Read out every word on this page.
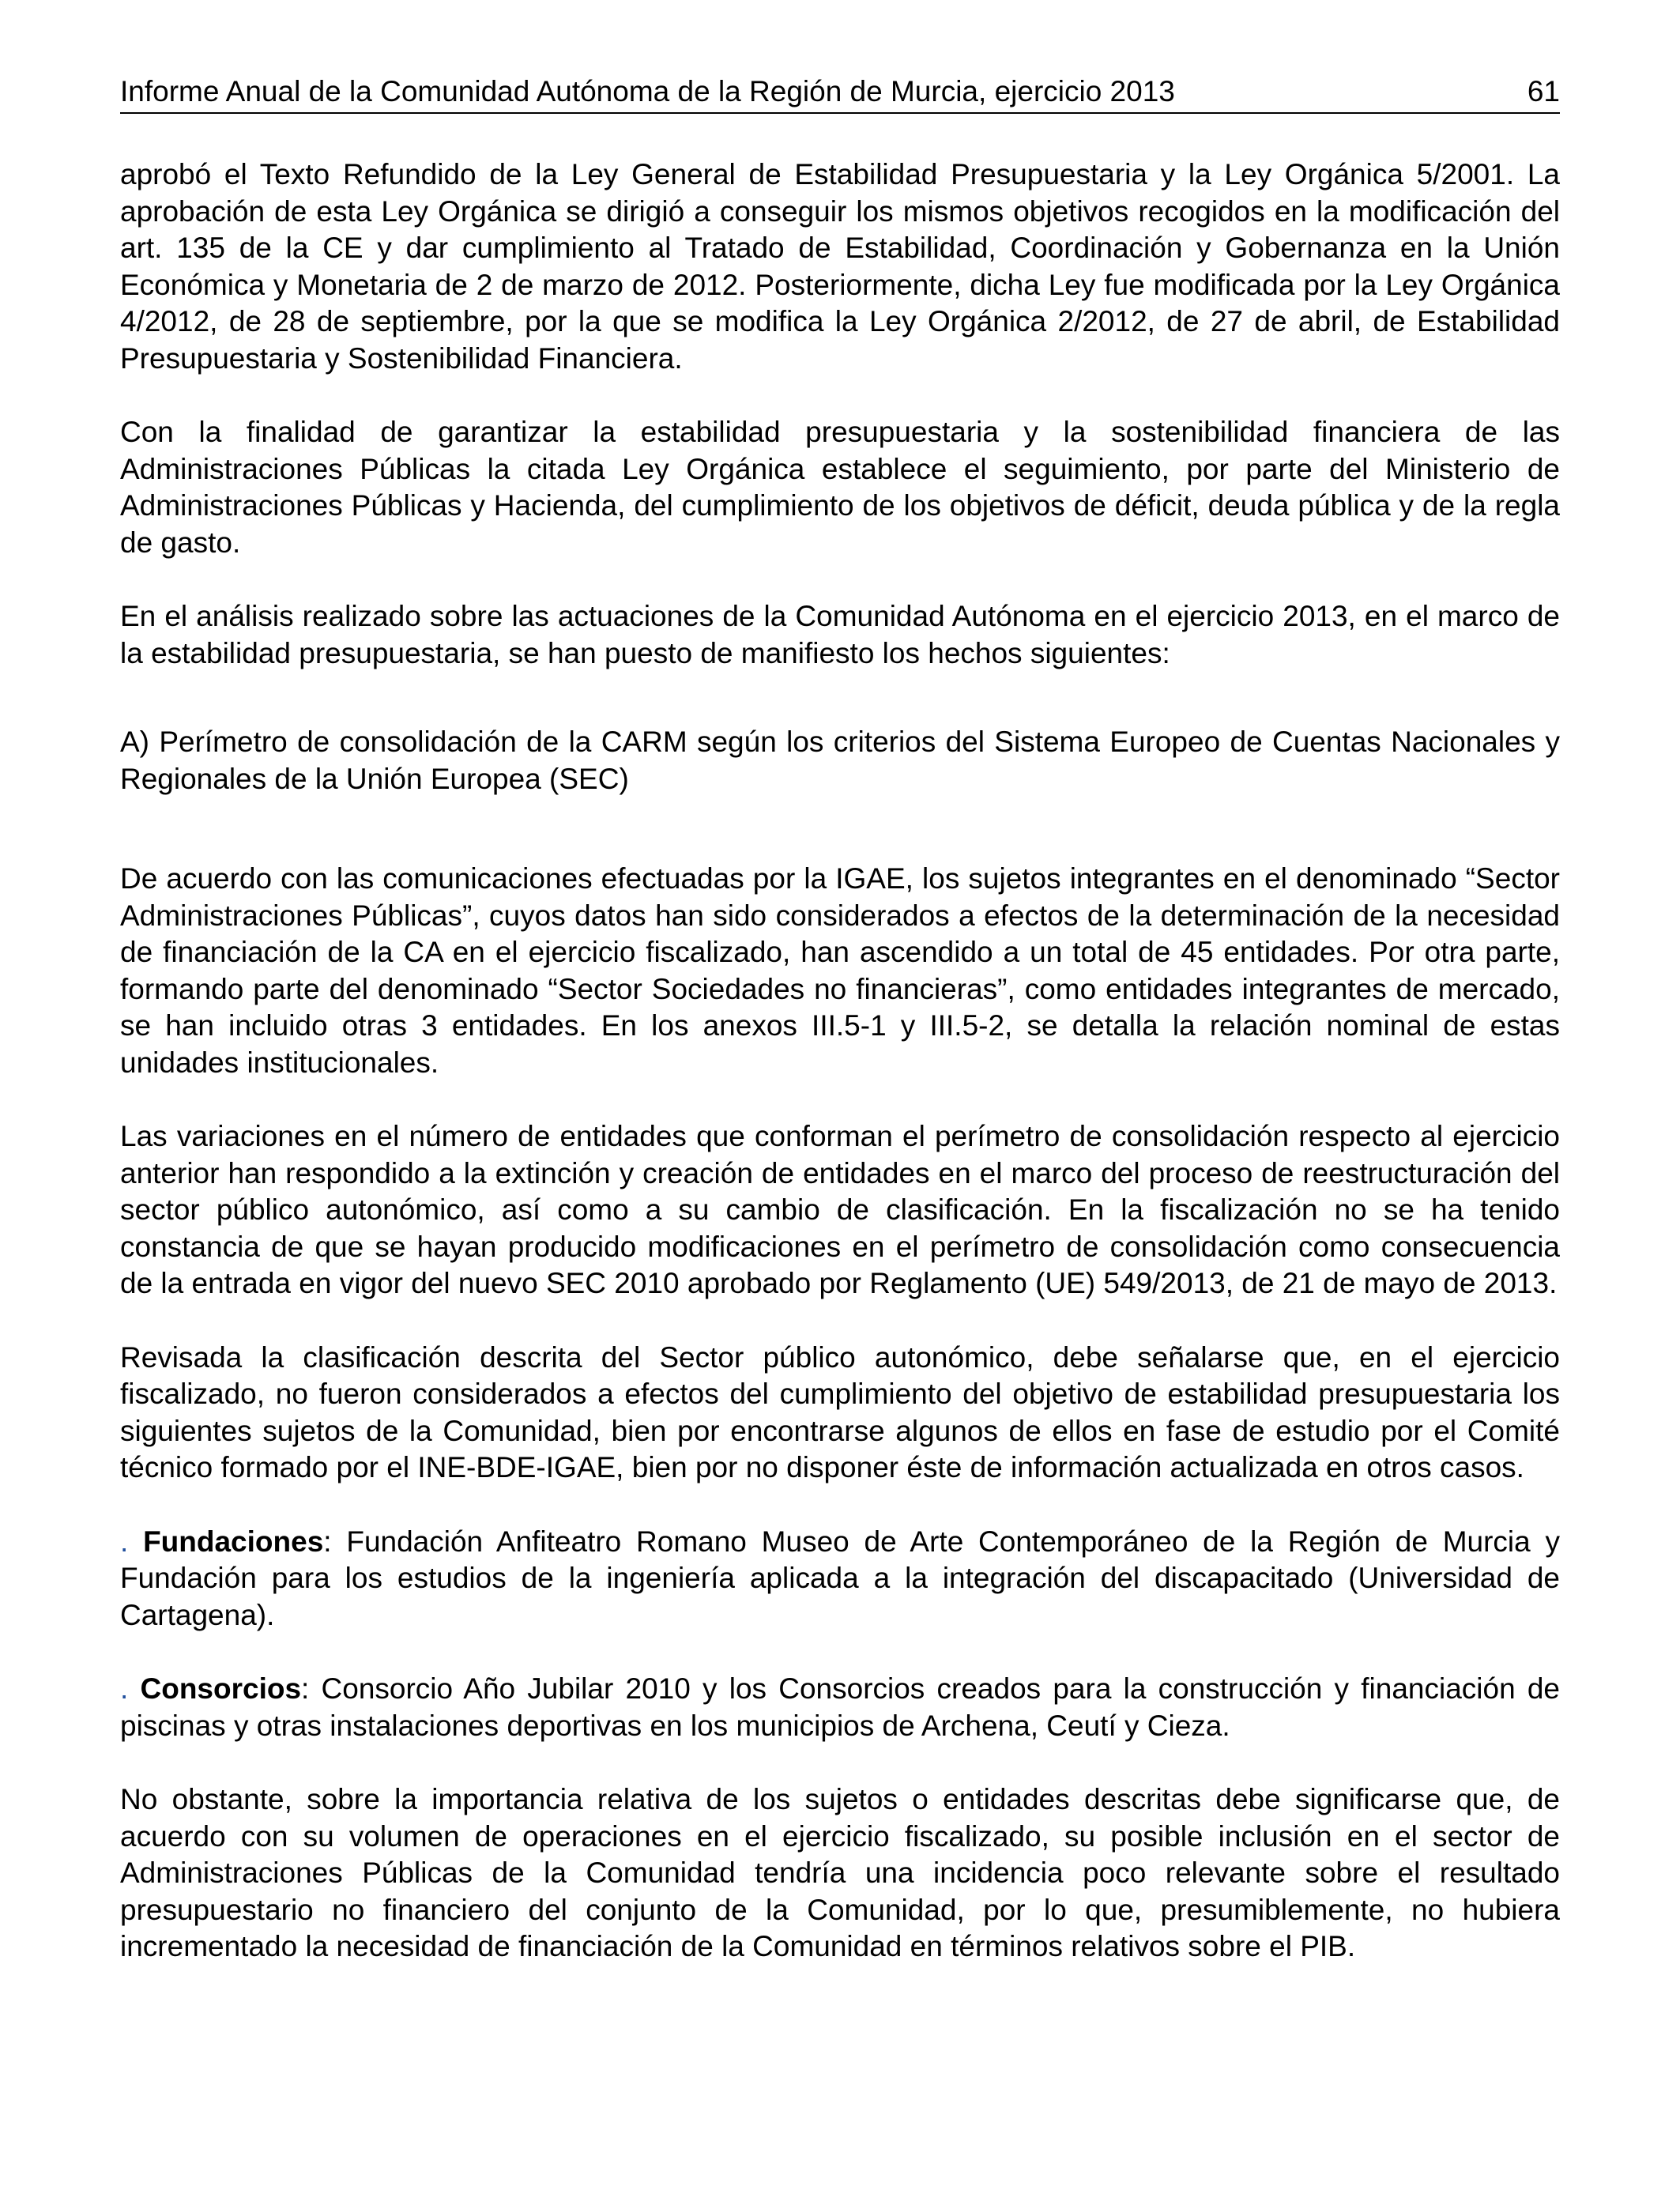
Informe Anual de la Comunidad Autónoma de la Región de Murcia, ejercicio 2013	61

aprobó el Texto Refundido de la Ley General de Estabilidad Presupuestaria y la Ley Orgánica 5/2001. La aprobación de esta Ley Orgánica se dirigió a conseguir los mismos objetivos recogidos en la modificación del art. 135 de la CE y dar cumplimiento al Tratado de Estabilidad, Coordinación y Gobernanza en la Unión Económica y Monetaria de 2 de marzo de 2012. Posteriormente, dicha Ley fue modificada por la Ley Orgánica 4/2012, de 28 de septiembre, por la que se modifica la Ley Orgánica 2/2012, de 27 de abril, de Estabilidad Presupuestaria y Sostenibilidad Financiera.

Con la finalidad de garantizar la estabilidad presupuestaria y la sostenibilidad financiera de las Administraciones Públicas la citada Ley Orgánica establece el seguimiento, por parte del Ministerio de Administraciones Públicas y Hacienda, del cumplimiento de los objetivos de déficit, deuda pública y de la regla de gasto.

En el análisis realizado sobre las actuaciones de la Comunidad Autónoma en el ejercicio 2013, en el marco de la estabilidad presupuestaria, se han puesto de manifiesto los hechos siguientes:

A) Perímetro de consolidación de la CARM según los criterios del Sistema Europeo de Cuentas Nacionales y Regionales de la Unión Europea (SEC)

De acuerdo con las comunicaciones efectuadas por la IGAE, los sujetos integrantes en el denominado “Sector Administraciones Públicas”, cuyos datos han sido considerados a efectos de la determinación de la necesidad de financiación de la CA en el ejercicio fiscalizado, han ascendido a un total de 45 entidades. Por otra parte, formando parte del denominado “Sector Sociedades no financieras”, como entidades integrantes de mercado, se han incluido otras 3 entidades. En los anexos III.5-1 y III.5-2, se detalla la relación nominal de estas unidades institucionales.

Las variaciones en el número de entidades que conforman el perímetro de consolidación respecto al ejercicio anterior han respondido a la extinción y creación de entidades en el marco del proceso de reestructuración del sector público autonómico, así como a su cambio de clasificación. En la fiscalización no se ha tenido constancia de que se hayan producido modificaciones en el perímetro de consolidación como consecuencia de la entrada en vigor del nuevo SEC 2010 aprobado por Reglamento (UE) 549/2013, de 21 de mayo de 2013.

Revisada la clasificación descrita del Sector público autonómico, debe señalarse que, en el ejercicio fiscalizado, no fueron considerados a efectos del cumplimiento del objetivo de estabilidad presupuestaria los siguientes sujetos de la Comunidad, bien por encontrarse algunos de ellos en fase de estudio por el Comité técnico formado por el INE-BDE-IGAE, bien por no disponer éste de información actualizada en otros casos.

. Fundaciones: Fundación Anfiteatro Romano Museo de Arte Contemporáneo de la Región de Murcia y Fundación para los estudios de la ingeniería aplicada a la integración del discapacitado (Universidad de Cartagena).

. Consorcios: Consorcio Año Jubilar 2010 y los Consorcios creados para la construcción y financiación de piscinas y otras instalaciones deportivas en los municipios de Archena, Ceutí y Cieza.

No obstante, sobre la importancia relativa de los sujetos o entidades descritas debe significarse que, de acuerdo con su volumen de operaciones en el ejercicio fiscalizado, su posible inclusión en el sector de Administraciones Públicas de la Comunidad tendría una incidencia poco relevante sobre el resultado presupuestario no financiero del conjunto de la Comunidad, por lo que, presumiblemente, no hubiera incrementado la necesidad de financiación de la Comunidad en términos relativos sobre el PIB.
